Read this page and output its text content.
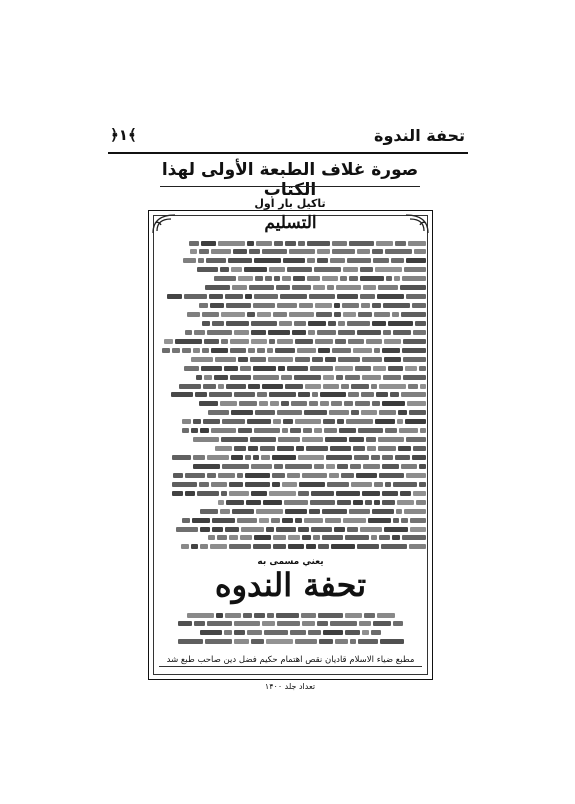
تحفة الندوة
﴿١﴾
صورة غلاف الطبعة الأولى لهذا الكتاب
تاکیل بار اول
التسليم
يعني مسمى به
تحفة الندوه
مطبع ضياء الاسلام قاديان نقص اهتمام حكيم فضل دين صاحب طبع شد
تعداد جلد ۱۴۰۰
